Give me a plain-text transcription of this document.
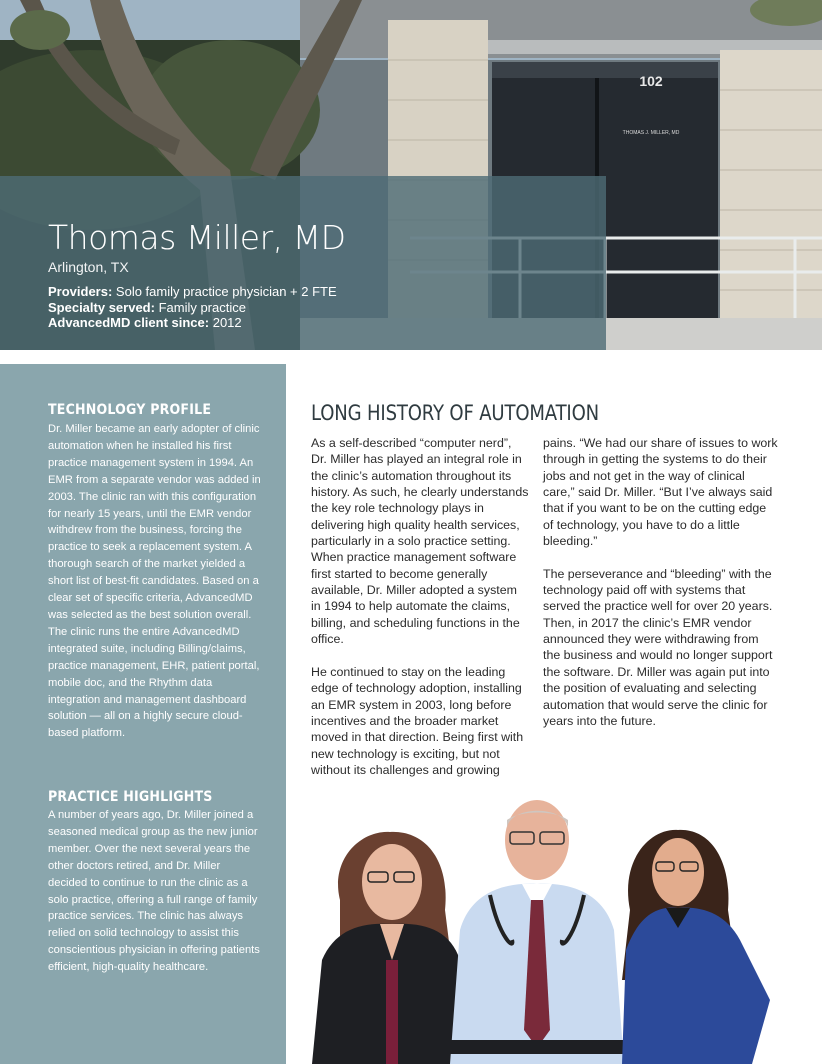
102
THOMAS J. MILLER, MD
Thomas Miller, MD
Arlington, TX
Providers: Solo family practice physician + 2 FTE
Specialty served: Family practice
AdvancedMD client since: 2012
TECHNOLOGY PROFILE
Dr. Miller became an early adopter of clinic automation when he installed his first practice management system in 1994. An EMR from a separate vendor was added in 2003. The clinic ran with this configuration for nearly 15 years, until the EMR vendor withdrew from the business, forcing the practice to seek a replacement system. A thorough search of the market yielded a short list of best-fit candidates. Based on a clear set of specific criteria, AdvancedMD was selected as the best solution overall. The clinic runs the entire AdvancedMD integrated suite, including Billing/claims, practice management, EHR, patient portal, mobile doc, and the Rhythm data integration and management dashboard solution — all on a highly secure cloud-based platform.
PRACTICE HIGHLIGHTS
A number of years ago, Dr. Miller joined a seasoned medical group as the new junior member. Over the next several years the other doctors retired, and Dr. Miller decided to continue to run the clinic as a solo practice, offering a full range of family practice services. The clinic has always relied on solid technology to assist this conscientious physician in offering patients efficient, high-quality healthcare.
LONG HISTORY OF AUTOMATION

As a self-described “computer nerd”, Dr. Miller has played an integral role in the clinic’s automation throughout its history. As such, he clearly understands the key role technology plays in delivering high quality health services, particularly in a solo practice setting. When practice management software first started to become generally available, Dr. Miller adopted a system in 1994 to help automate the claims, billing, and scheduling functions in the office.

He continued to stay on the leading edge of technology adoption, installing an EMR system in 2003, long before incentives and the broader market moved in that direction. Being first with new technology is exciting, but not without its challenges and growing

pains. “We had our share of issues to work through in getting the systems to do their jobs and not get in the way of clinical care,” said Dr. Miller. “But I’ve always said that if you want to be on the cutting edge of technology, you have to do a little bleeding.”

The perseverance and “bleeding” with the technology paid off with systems that served the practice well for over 20 years. Then, in 2017 the clinic’s EMR vendor announced they were withdrawing from the business and would no longer support the software. Dr. Miller was again put into the position of evaluating and selecting automation that would serve the clinic for years into the future.
